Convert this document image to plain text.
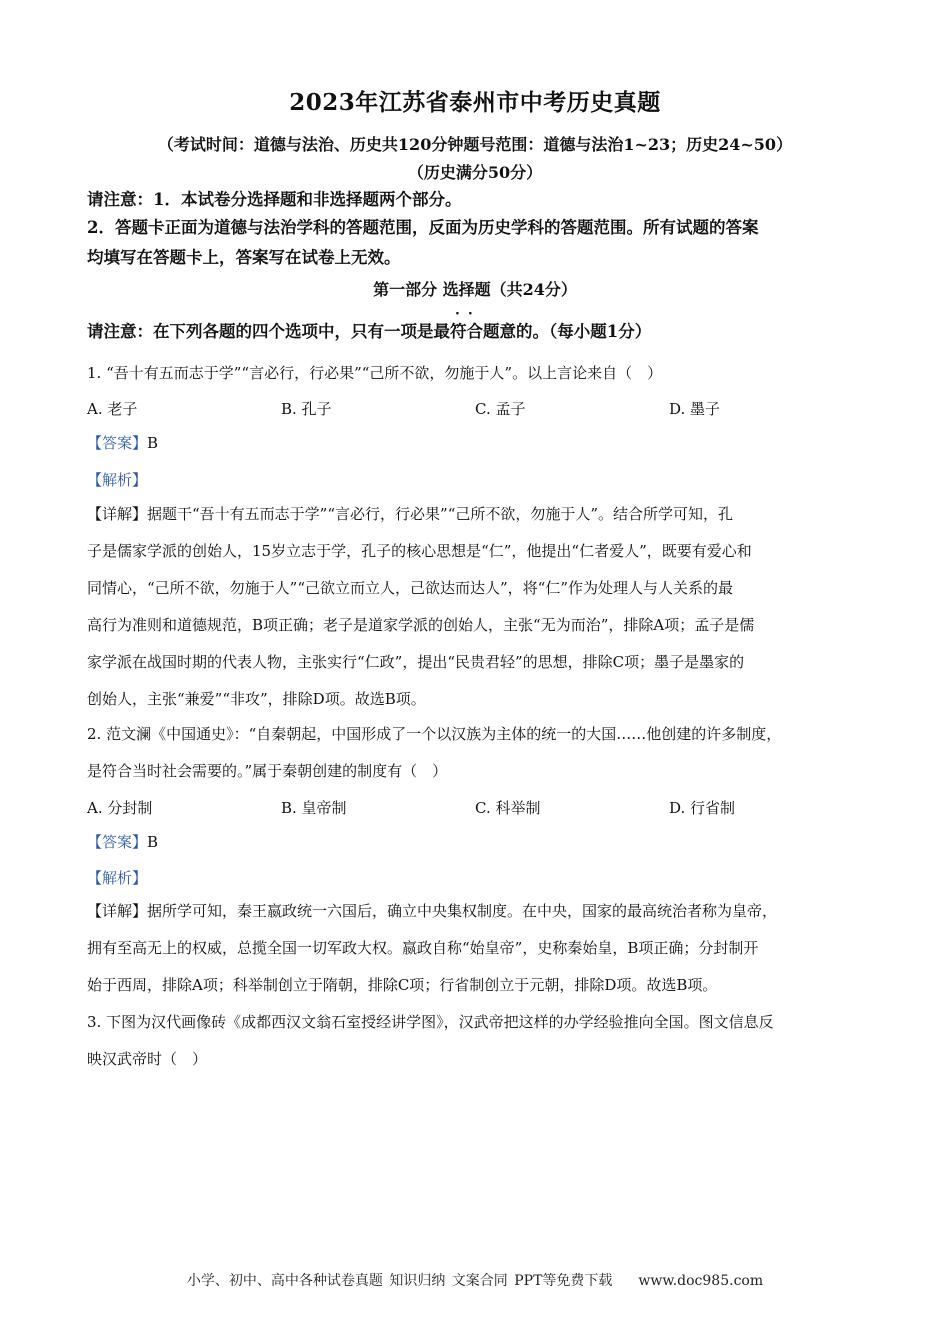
2023年江苏省泰州市中考历史真题
（考试时间：道德与法治、历史共120分钟题号范围：道德与法治1~23；历史24~50）
（历史满分50分）
请注意：1．本试卷分选择题和非选择题两个部分。
2．答题卡正面为道德与法治学科的答题范围，反面为历史学科的答题范围。所有试题的答案
均填写在答题卡上，答案写在试卷上无效。
第一部分 选择题（共24分）
··
请注意：在下列各题的四个选项中，只有一项是最符合题意的。（每小题1分）
1. “吾十有五而志于学”“言必行，行必果”“己所不欲，勿施于人”。以上言论来自（　）
A. 老子	B. 孔子	C. 孟子	D. 墨子
【答案】B
【解析】
【详解】据题干“吾十有五而志于学”“言必行，行必果”“己所不欲，勿施于人”。结合所学可知，孔
子是儒家学派的创始人，15岁立志于学，孔子的核心思想是“仁”，他提出“仁者爱人”，既要有爱心和
同情心，“己所不欲，勿施于人”“己欲立而立人，己欲达而达人”，将“仁”作为处理人与人关系的最
高行为准则和道德规范，B项正确；老子是道家学派的创始人，主张“无为而治”，排除A项；孟子是儒
家学派在战国时期的代表人物，主张实行“仁政”，提出“民贵君轻”的思想，排除C项；墨子是墨家的
创始人，主张“兼爱”“非攻”，排除D项。故选B项。
2. 范文澜《中国通史》：“自秦朝起，中国形成了一个以汉族为主体的统一的大国……他创建的许多制度，
是符合当时社会需要的。”属于秦朝创建的制度有（　）
A. 分封制	B. 皇帝制	C. 科举制	D. 行省制
【答案】B
【解析】
【详解】据所学可知，秦王嬴政统一六国后，确立中央集权制度。在中央，国家的最高统治者称为皇帝，
拥有至高无上的权威，总揽全国一切军政大权。嬴政自称“始皇帝”，史称秦始皇，B项正确；分封制开
始于西周，排除A项；科举制创立于隋朝，排除C项；行省制创立于元朝，排除D项。故选B项。
3. 下图为汉代画像砖《成都西汉文翁石室授经讲学图》，汉武帝把这样的办学经验推向全国。图文信息反
映汉武帝时（　）
小学、初中、高中各种试卷真题 知识归纳 文案合同 PPT等免费下载 www.doc985.com
